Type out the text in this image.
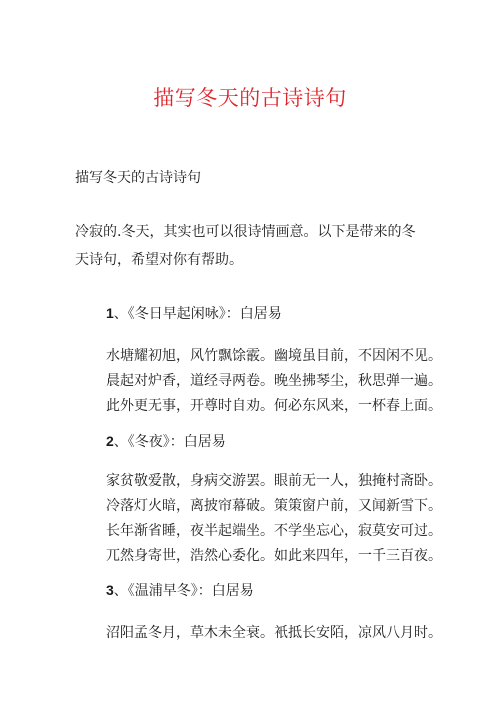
描写冬天的古诗诗句
描写冬天的古诗诗句

冷寂的.冬天，其实也可以很诗情画意。以下是带来的冬

天诗句，希望对你有帮助。

1、《冬日早起闲咏》：白居易

水塘耀初旭，风竹飘馀霰。幽境虽目前，不因闲不见。

晨起对炉香，道经寻两卷。晚坐拂琴尘，秋思弹一遍。

此外更无事，开尊时自劝。何必东风来，一杯春上面。

2、《冬夜》：白居易

家贫敬爱散，身病交游罢。眼前无一人，独掩村斋卧。

冷落灯火暗，离披帘幕破。策策窗户前，又闻新雪下。

长年渐省睡，夜半起端坐。不学坐忘心，寂莫安可过。

兀然身寄世，浩然心委化。如此来四年，一千三百夜。

3、《温浦早冬》：白居易

沼阳孟冬月，草木未全衰。衹抵长安陌，凉风八月时。
